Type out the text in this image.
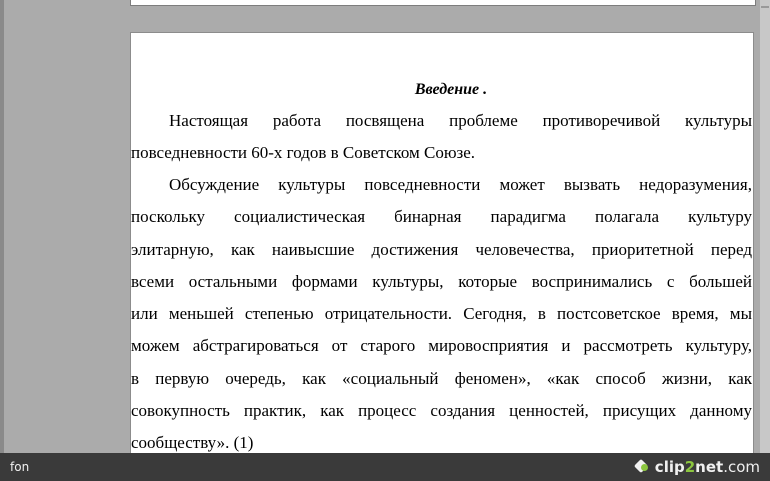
Введение .
Настоящая работа посвящена проблеме противоречивой культуры
повседневности 60-х годов в Советском Союзе.
Обсуждение культуры повседневности может вызвать недоразумения,
поскольку социалистическая бинарная парадигма полагала культуру
элитарную, как наивысшие достижения человечества, приоритетной перед
всеми остальными формами культуры, которые воспринимались с большей
или меньшей степенью отрицательности. Сегодня, в постсоветское время, мы
можем абстрагироваться от старого мировосприятия и рассмотреть культуру,
в первую очередь, как «социальный феномен», «как способ жизни, как
совокупность практик, как процесс создания ценностей, присущих данному
сообществу». (1)
fon	clip 2 net .com
